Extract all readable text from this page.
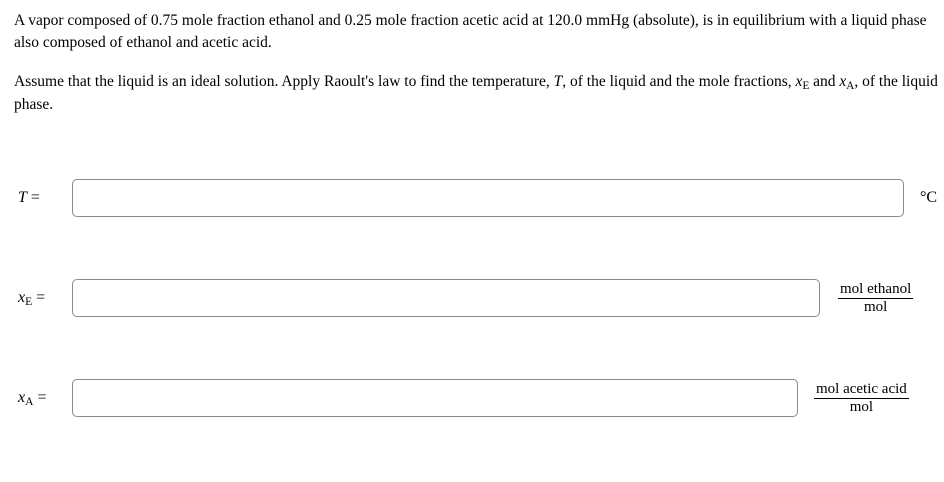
A vapor composed of 0.75 mole fraction ethanol and 0.25 mole fraction acetic acid at 120.0 mmHg (absolute), is in equilibrium with a liquid phase also composed of ethanol and acetic acid.

Assume that the liquid is an ideal solution. Apply Raoult's law to find the temperature, T, of the liquid and the mole fractions, $x_E$ and $x_A$, of the liquid phase.

T =	°C
$x_E$ =	$\frac{\text{mol ethanol}}{\text{mol}}$
$x_A$ =	$\frac{\text{mol acetic acid}}{\text{mol}}$
